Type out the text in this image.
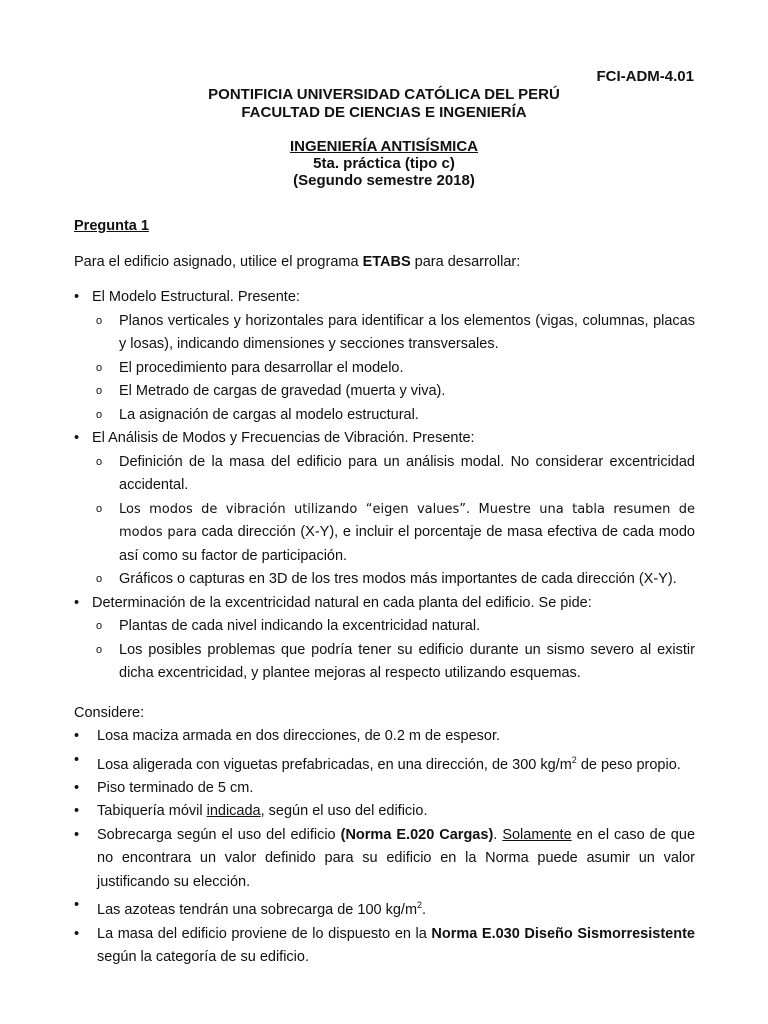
FCI-ADM-4.01
PONTIFICIA UNIVERSIDAD CATÓLICA DEL PERÚ
FACULTAD DE CIENCIAS E INGENIERÍA
INGENIERÍA ANTISÍSMICA
5ta. práctica (tipo c)
(Segundo semestre 2018)

Pregunta 1

Para el edificio asignado, utilice el programa ETABS para desarrollar:

• El Modelo Estructural. Presente:
o Planos verticales y horizontales para identificar a los elementos (vigas, columnas, placas y losas), indicando dimensiones y secciones transversales.
o El procedimiento para desarrollar el modelo.
o El Metrado de cargas de gravedad (muerta y viva).
o La asignación de cargas al modelo estructural.
• El Análisis de Modos y Frecuencias de Vibración. Presente:
o Definición de la masa del edificio para un análisis modal. No considerar excentricidad accidental.
o Los modos de vibración utilizando “eigen values”. Muestre una tabla resumen de modos para cada dirección (X-Y), e incluir el porcentaje de masa efectiva de cada modo así como su factor de participación.
o Gráficos o capturas en 3D de los tres modos más importantes de cada dirección (X-Y).
• Determinación de la excentricidad natural en cada planta del edificio. Se pide:
o Plantas de cada nivel indicando la excentricidad natural.
o Los posibles problemas que podría tener su edificio durante un sismo severo al existir dicha excentricidad, y plantee mejoras al respecto utilizando esquemas.

Considere:

• Losa maciza armada en dos direcciones, de 0.2 m de espesor.
• Losa aligerada con viguetas prefabricadas, en una dirección, de 300 $kg/m^2$ de peso propio.
• Piso terminado de 5 cm.
• Tabiquería móvil indicada, según el uso del edificio.
• Sobrecarga según el uso del edificio (Norma E.020 Cargas). Solamente en el caso de que no encontrara un valor definido para su edificio en la Norma puede asumir un valor justificando su elección.
• Las azoteas tendrán una sobrecarga de 100 $kg/m^2$.
• La masa del edificio proviene de lo dispuesto en la Norma E.030 Diseño Sismorresistente según la categoría de su edificio.
